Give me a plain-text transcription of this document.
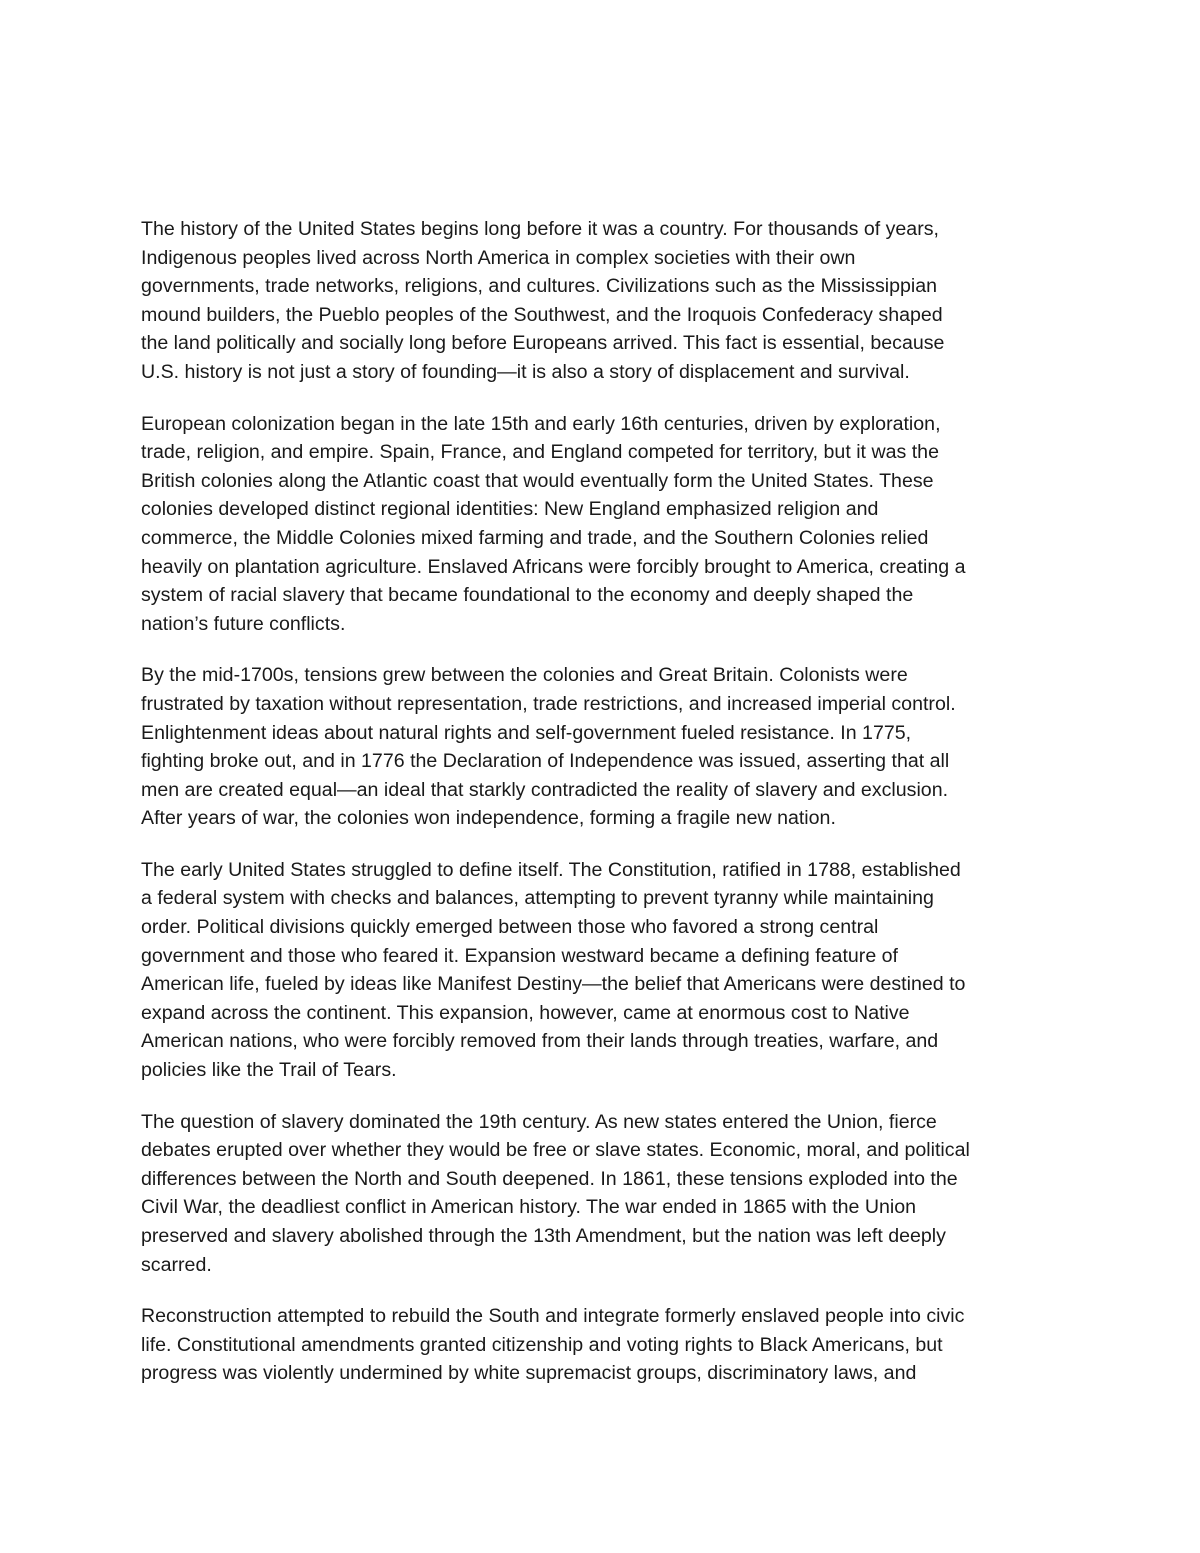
The history of the United States begins long before it was a country. For thousands of years,
Indigenous peoples lived across North America in complex societies with their own
governments, trade networks, religions, and cultures. Civilizations such as the Mississippian
mound builders, the Pueblo peoples of the Southwest, and the Iroquois Confederacy shaped
the land politically and socially long before Europeans arrived. This fact is essential, because
U.S. history is not just a story of founding—it is also a story of displacement and survival.

European colonization began in the late 15th and early 16th centuries, driven by exploration,
trade, religion, and empire. Spain, France, and England competed for territory, but it was the
British colonies along the Atlantic coast that would eventually form the United States. These
colonies developed distinct regional identities: New England emphasized religion and
commerce, the Middle Colonies mixed farming and trade, and the Southern Colonies relied
heavily on plantation agriculture. Enslaved Africans were forcibly brought to America, creating a
system of racial slavery that became foundational to the economy and deeply shaped the
nation’s future conflicts.

By the mid-1700s, tensions grew between the colonies and Great Britain. Colonists were
frustrated by taxation without representation, trade restrictions, and increased imperial control.
Enlightenment ideas about natural rights and self-government fueled resistance. In 1775,
fighting broke out, and in 1776 the Declaration of Independence was issued, asserting that all
men are created equal—an ideal that starkly contradicted the reality of slavery and exclusion.
After years of war, the colonies won independence, forming a fragile new nation.

The early United States struggled to define itself. The Constitution, ratified in 1788, established
a federal system with checks and balances, attempting to prevent tyranny while maintaining
order. Political divisions quickly emerged between those who favored a strong central
government and those who feared it. Expansion westward became a defining feature of
American life, fueled by ideas like Manifest Destiny—the belief that Americans were destined to
expand across the continent. This expansion, however, came at enormous cost to Native
American nations, who were forcibly removed from their lands through treaties, warfare, and
policies like the Trail of Tears.

The question of slavery dominated the 19th century. As new states entered the Union, fierce
debates erupted over whether they would be free or slave states. Economic, moral, and political
differences between the North and South deepened. In 1861, these tensions exploded into the
Civil War, the deadliest conflict in American history. The war ended in 1865 with the Union
preserved and slavery abolished through the 13th Amendment, but the nation was left deeply
scarred.

Reconstruction attempted to rebuild the South and integrate formerly enslaved people into civic
life. Constitutional amendments granted citizenship and voting rights to Black Americans, but
progress was violently undermined by white supremacist groups, discriminatory laws, and
